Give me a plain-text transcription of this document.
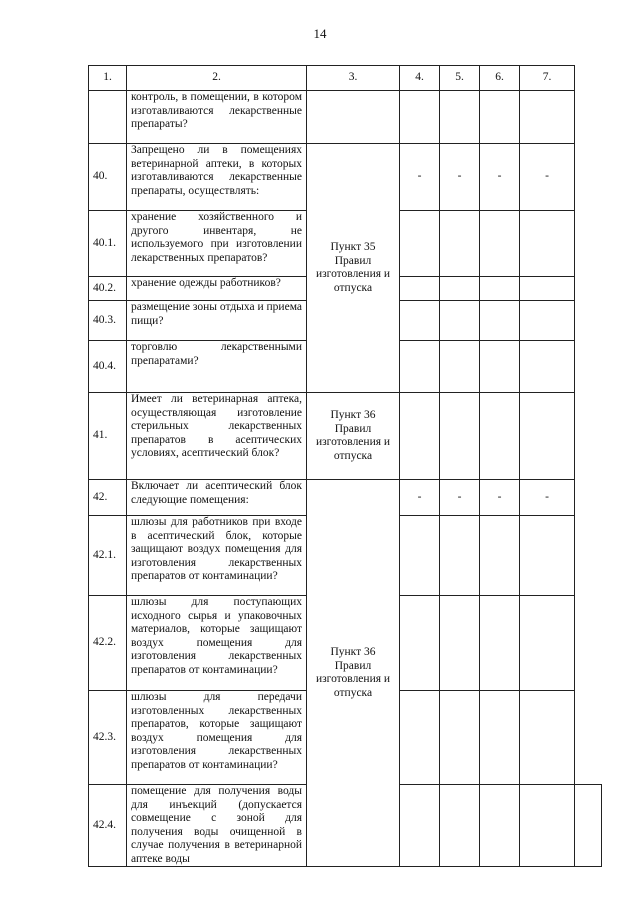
14
1.	2.	3.	4.	5.	6.	7.	
	контроль, в помещении, в котором изготавливаются лекарственные препараты?						
40.	Запрещено ли в помещениях ветеринарной аптеки, в которых изготавливаются лекарственные препараты, осуществлять:	Пункт 35 Правил изготовления и отпуска	-	-	-	-	
40.1.	хранение хозяйственного и другого инвентаря, не используемого при изготовлении лекарственных препаратов?						
40.2.	хранение одежды работников?						
40.3.	размещение зоны отдыха и приема пищи?						
40.4.	торговлю лекарственными препаратами?						
41.	Имеет ли ветеринарная аптека, осуществляющая изготовление стерильных лекарственных препаратов в асептических условиях, асептический блок?	Пункт 36 Правил изготовления и отпуска					
42.	Включает ли асептический блок следующие помещения:	Пункт 36 Правил изготовления и отпуска	-	-	-	-	
42.1.	шлюзы для работников при входе в асептический блок, которые защищают воздух помещения для изготовления лекарственных препаратов от контаминации?						
42.2.	шлюзы для поступающих исходного сырья и упаковочных материалов, которые защищают воздух помещения для изготовления лекарственных препаратов от контаминации?						
42.3.	шлюзы для передачи изготовленных лекарственных препаратов, которые защищают воздух помещения для изготовления лекарственных препаратов от контаминации?						
42.4.	помещение для получения воды для инъекций (допускается совмещение с зоной для получения воды очищенной в случае получения в ветеринарной аптеке воды						
